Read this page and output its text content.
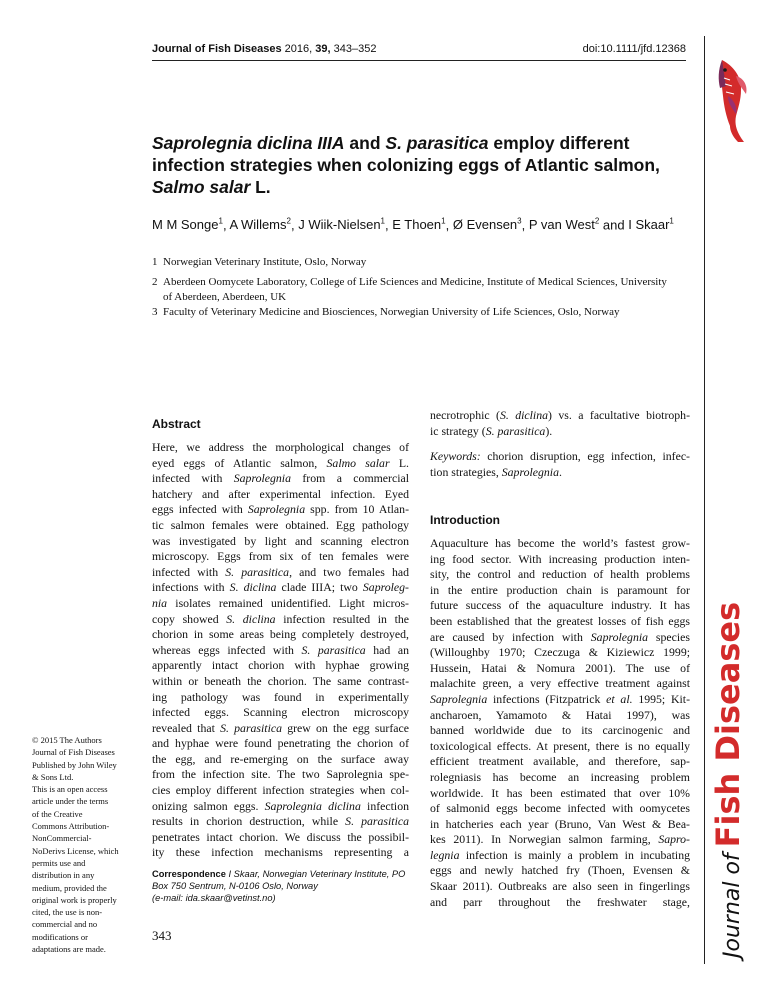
Journal of Fish Diseases 2016, 39, 343–352	doi:10.1111/jfd.12368
Journal ofFish Diseases
Saprolegnia diclina IIIA and S. parasitica employ different infection strategies when colonizing eggs of Atlantic salmon, Salmo salar L.
M M Songe$^1$, A Willems$^2$, J Wiik-Nielsen$^1$, E Thoen$^1$, Ø Evensen$^3$, P van West$^2$ and I Skaar$^1$
1 Norwegian Veterinary Institute, Oslo, Norway
2 Aberdeen Oomycete Laboratory, College of Life Sciences and Medicine, Institute of Medical Sciences, University
of Aberdeen, Aberdeen, UK
3 Faculty of Veterinary Medicine and Biosciences, Norwegian University of Life Sciences, Oslo, Norway
Abstract
Here, we address the morphological changes of
eyed eggs of Atlantic salmon, Salmo salar L.
infected with Saprolegnia from a commercial
hatchery and after experimental infection. Eyed
eggs infected with Saprolegnia spp. from 10 Atlan-
tic salmon females were obtained. Egg pathology
was investigated by light and scanning electron
microscopy. Eggs from six of ten females were
infected with S. parasitica, and two females had
infections with S. diclina clade IIIA; two Saproleg-
nia isolates remained unidentified. Light micros-
copy showed S. diclina infection resulted in the
chorion in some areas being completely destroyed,
whereas eggs infected with S. parasitica had an
apparently intact chorion with hyphae growing
within or beneath the chorion. The same contrast-
ing pathology was found in experimentally
infected eggs. Scanning electron microscopy
revealed that S. parasitica grew on the egg surface
and hyphae were found penetrating the chorion of
the egg, and re-emerging on the surface away
from the infection site. The two Saprolegnia spe-
cies employ different infection strategies when col-
onizing salmon eggs. Saprolegnia diclina infection
results in chorion destruction, while S. parasitica
penetrates intact chorion. We discuss the possibil-
ity these infection mechanisms representing a
necrotrophic (S. diclina) vs. a facultative biotroph-
ic strategy (S. parasitica).
Keywords: chorion disruption, egg infection, infec-
tion strategies, Saprolegnia.
Introduction
Aquaculture has become the world’s fastest grow-
ing food sector. With increasing production inten-
sity, the control and reduction of health problems
in the entire production chain is paramount for
future success of the aquaculture industry. It has
been established that the greatest losses of fish eggs
are caused by infection with Saprolegnia species
(Willoughby 1970; Czeczuga & Kiziewicz 1999;
Hussein, Hatai & Nomura 2001). The use of
malachite green, a very effective treatment against
Saprolegnia infections (Fitzpatrick et al. 1995; Kit-
ancharoen, Yamamoto & Hatai 1997), was
banned worldwide due to its carcinogenic and
toxicological effects. At present, there is no equally
efficient treatment available, and therefore, sap-
rolegniasis has become an increasing problem
worldwide. It has been estimated that over 10%
of salmonid eggs become infected with oomycetes
in hatcheries each year (Bruno, Van West & Bea-
kes 2011). In Norwegian salmon farming, Sapro-
legnia infection is mainly a problem in incubating
eggs and newly hatched fry (Thoen, Evensen &
Skaar 2011). Outbreaks are also seen in fingerlings
and parr throughout the freshwater stage,
© 2015 The Authors
Journal of Fish Diseases
Published by John Wiley
& Sons Ltd.
This is an open access
article under the terms
of the Creative
Commons Attribution-
NonCommercial-
NoDerivs License, which
permits use and
distribution in any
medium, provided the
original work is properly
cited, the use is non-
commercial and no
modifications or
adaptations are made.
Correspondence I Skaar, Norwegian Veterinary Institute, PO
Box 750 Sentrum, N-0106 Oslo, Norway
(e-mail: ida.skaar@vetinst.no)
343
